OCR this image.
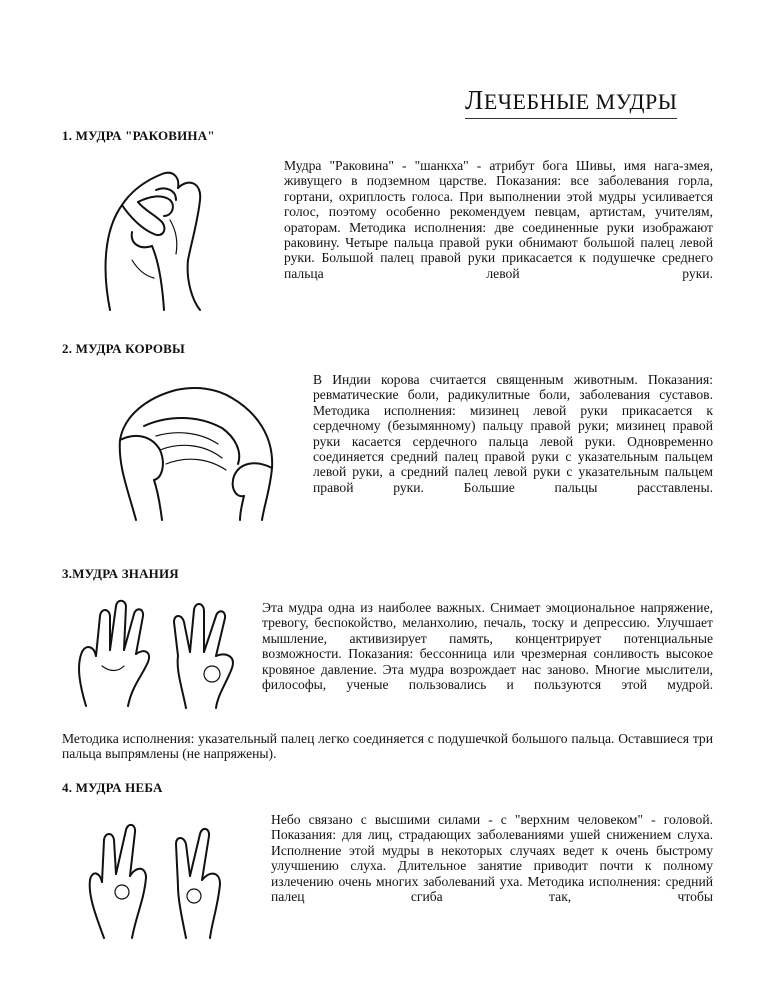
ЛЕЧЕБНЫЕ МУДРЫ
1. МУДРА "РАКОВИНА"
Мудра "Раковина" - "шанкха" - атрибут бога Шивы, имя нага-змея, живущего в подземном царстве. Показания: все заболевания горла, гортани, охриплость голоса. При выполнении этой мудры усиливается голос, поэтому особенно рекомендуем певцам, артистам, учителям, ораторам. Методика исполнения: две соединенные руки изображают раковину. Четыре пальца правой руки обнимают большой палец левой руки. Большой палец правой руки прикасается к подушечке среднего пальца левой руки.
2. МУДРА КОРОВЫ
В Индии корова считается священным животным. Показания: ревматические боли, радикулитные боли, заболевания суставов. Методика исполнения: мизинец левой руки прикасается к сердечному (безымянному) пальцу правой руки; мизинец правой руки касается сердечного пальца левой руки. Одновременно соединяется средний палец правой руки с указательным пальцем левой руки, а средний палец левой руки с указательным пальцем правой руки. Большие пальцы расставлены.
3.МУДРА ЗНАНИЯ
Эта мудра одна из наиболее важных. Снимает эмоциональное напряжение, тревогу, беспокойство, меланхолию, печаль, тоску и депрессию. Улучшает мышление, активизирует память, концентрирует потенциальные возможности. Показания: бессонница или чрезмерная сонливость высокое кровяное давление. Эта мудра возрождает нас заново. Многие мыслители, философы, ученые пользовались и пользуются этой мудрой.
Методика исполнения: указательный палец легко соединяется с подушечкой большого пальца. Оставшиеся три пальца выпрямлены (не напряжены).
4. МУДРА НЕБА
Небо связано с высшими силами - с "верхним человеком" - головой. Показания: для лиц, страдающих заболеваниями ушей снижением слуха. Исполнение этой мудры в некоторых случаях ведет к очень быстрому улучшению слуха. Длительное занятие приводит почти к полному излечению очень многих заболеваний уха. Методика исполнения: средний палец сгиба так, чтобы
